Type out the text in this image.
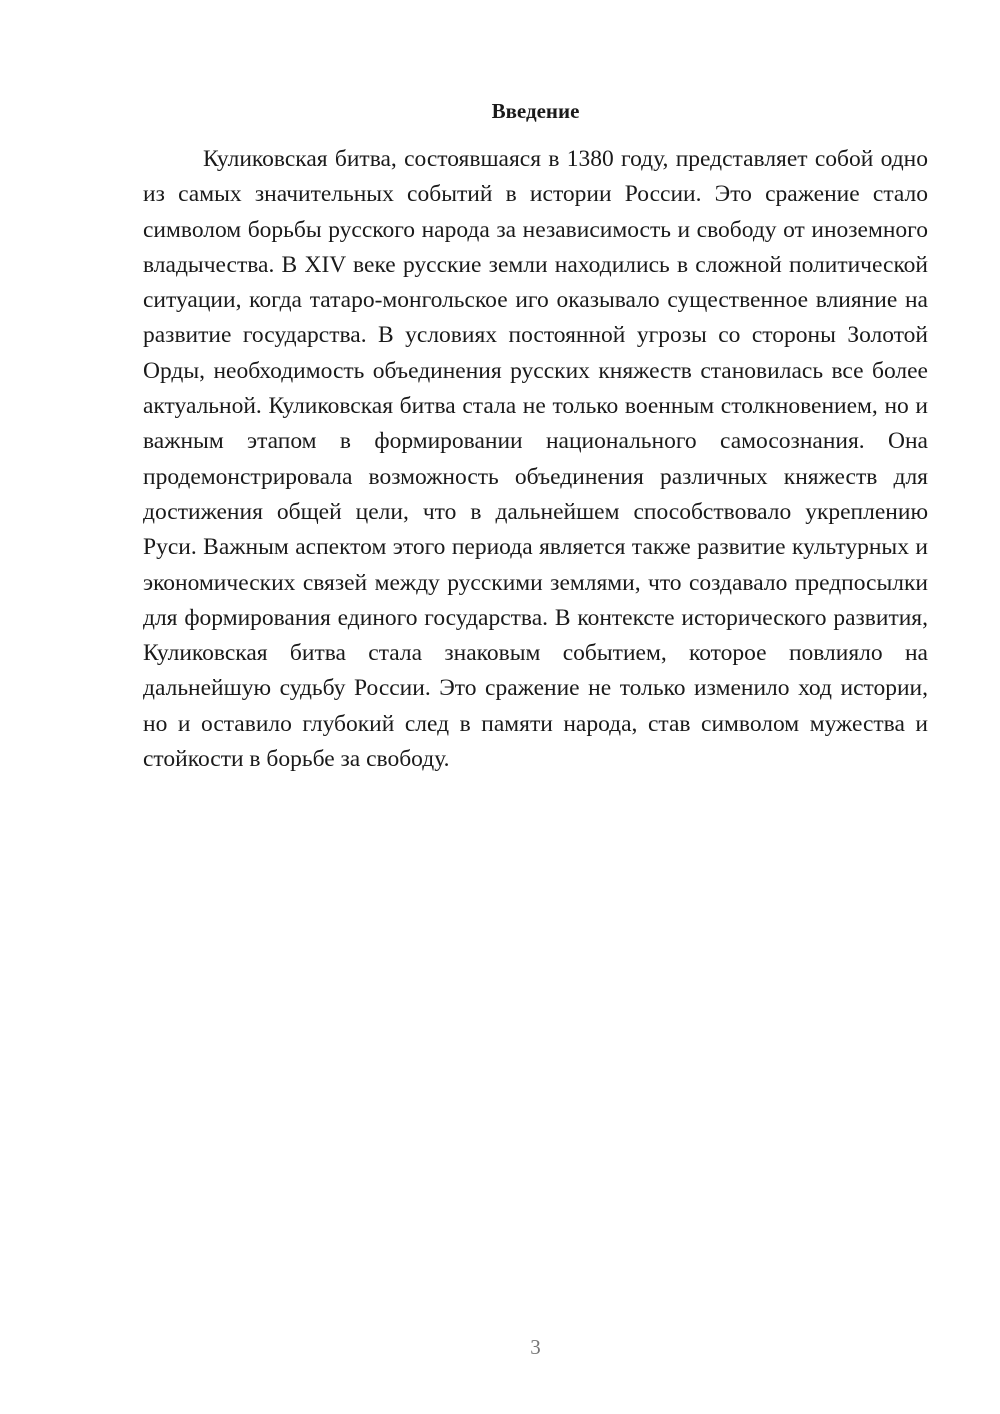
Введение

Куликовская битва, состоявшаяся в 1380 году, представляет собой одно из самых значительных событий в истории России. Это сражение стало символом борьбы русского народа за независимость и свободу от иноземного владычества. В XIV веке русские земли находились в сложной политической ситуации, когда татаро-монгольское иго оказывало существенное влияние на развитие государства. В условиях постоянной угрозы со стороны Золотой Орды, необходимость объединения русских княжеств становилась все более актуальной. Куликовская битва стала не только военным столкновением, но и важным этапом в формировании национального самосознания. Она продемонстрировала возможность объединения различных княжеств для достижения общей цели, что в дальнейшем способствовало укреплению Руси. Важным аспектом этого периода является также развитие культурных и экономических связей между русскими землями, что создавало предпосылки для формирования единого государства. В контексте исторического развития, Куликовская битва стала знаковым событием, которое повлияло на дальнейшую судьбу России. Это сражение не только изменило ход истории, но и оставило глубокий след в памяти народа, став символом мужества и стойкости в борьбе за свободу.

3
